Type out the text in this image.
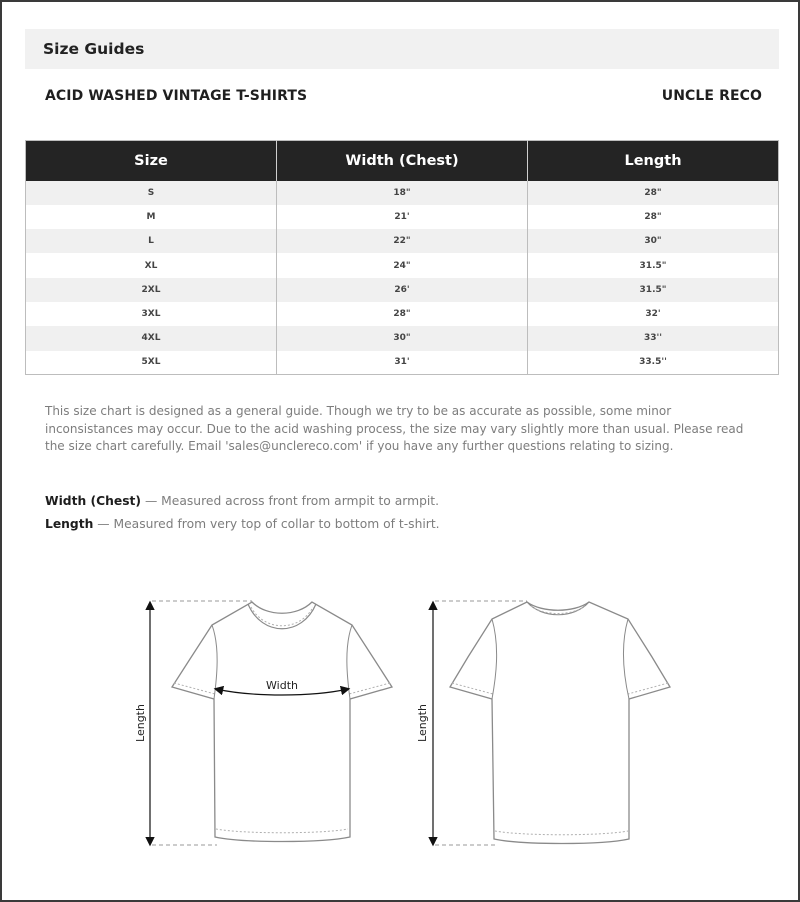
Size Guides
ACID WASHED VINTAGE T-SHIRTS	UNCLE RECO
Size	Width (Chest)	Length
S	18"	28"
M	21'	28"
L	22"	30"
XL	24"	31.5"
2XL	26'	31.5"
3XL	28"	32'
4XL	30"	33''
5XL	31'	33.5''

This size chart is designed as a general guide. Though we try to be as accurate as possible, some minor inconsistances may occur. Due to the acid washing process, the size may vary slightly more than usual. Please read the size chart carefully. Email 'sales@unclereco.com' if you have any further questions relating to sizing.

Width (Chest) — Measured across front from armpit to armpit.
Length — Measured from very top of collar to bottom of t-shirt.
Width
Length	Length
